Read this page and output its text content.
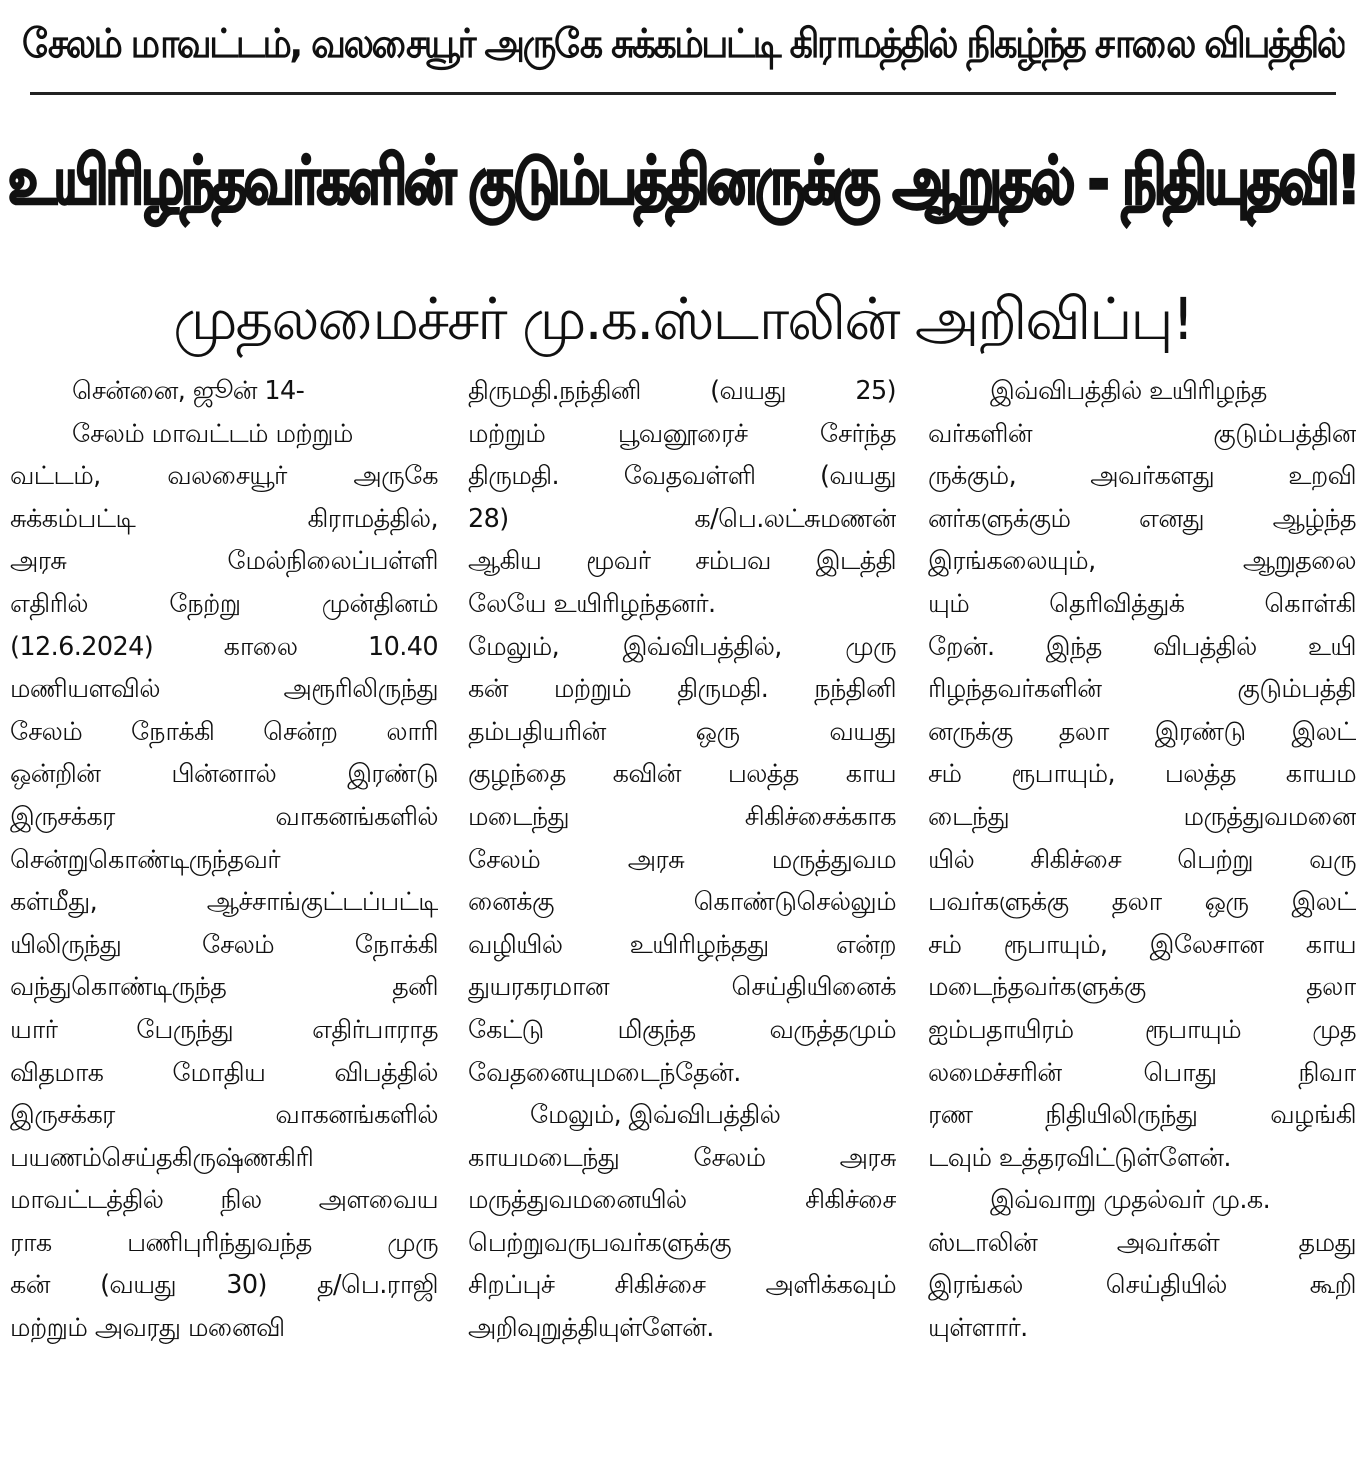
சேலம் மாவட்டம், வலசையூர் அருகே சுக்கம்பட்டி கிராமத்தில் நிகழ்ந்த சாலை விபத்தில்
உயிரிழந்தவர்களின் குடும்பத்தினருக்கு ஆறுதல் - நிதியுதவி!
முதலமைச்சர் மு.க.ஸ்டாலின் அறிவிப்பு!
சென்னை, ஜூன் 14-
சேலம் மாவட்டம் மற்றும்
வட்டம், வலசையூர் அருகே
சுக்கம்பட்டி கிராமத்தில்,
அரசு மேல்நிலைப்பள்ளி
எதிரில் நேற்று முன்தினம்
(12.6.2024) காலை 10.40
மணியளவில் அரூரிலிருந்து
சேலம் நோக்கி சென்ற லாரி
ஒன்றின் பின்னால் இரண்டு
இருசக்கர வாகனங்களில்
சென்றுகொண்டிருந்தவர்
கள்மீது, ஆச்சாங்குட்டப்பட்டி
யிலிருந்து சேலம் நோக்கி
வந்துகொண்டிருந்த தனி
யார் பேருந்து எதிர்பாராத
விதமாக மோதிய விபத்தில்
இருசக்கர வாகனங்களில்
பயணம்செய்தகிருஷ்ணகிரி
மாவட்டத்தில் நில அளவைய
ராக பணிபுரிந்துவந்த முரு
கன் (வயது 30) த/பெ.ராஜி
மற்றும் அவரது மனைவி
திருமதி.நந்தினி (வயது 25)
மற்றும் பூவனூரைச் சேர்ந்த
திருமதி. வேதவள்ளி (வயது
28) க/பெ.லட்சுமணன்
ஆகிய மூவர் சம்பவ இடத்தி
லேயே உயிரிழந்தனர்.
மேலும், இவ்விபத்தில், முரு
கன் மற்றும் திருமதி. நந்தினி
தம்பதியரின் ஒரு வயது
குழந்தை கவின் பலத்த காய
மடைந்து சிகிச்சைக்காக
சேலம் அரசு மருத்துவம
னைக்கு கொண்டுசெல்லும்
வழியில் உயிரிழந்தது என்ற
துயரகரமான செய்தியினைக்
கேட்டு மிகுந்த வருத்தமும்
வேதனையுமடைந்தேன்.
மேலும், இவ்விபத்தில்
காயமடைந்து சேலம் அரசு
மருத்துவமனையில் சிகிச்சை
பெற்றுவருபவர்களுக்கு
சிறப்புச் சிகிச்சை அளிக்கவும்
அறிவுறுத்தியுள்ளேன்.
இவ்விபத்தில் உயிரிழந்த
வர்களின் குடும்பத்தின
ருக்கும், அவர்களது உறவி
னர்களுக்கும் எனது ஆழ்ந்த
இரங்கலையும், ஆறுதலை
யும் தெரிவித்துக் கொள்கி
றேன். இந்த விபத்தில் உயி
ரிழந்தவர்களின் குடும்பத்தி
னருக்கு தலா இரண்டு இலட்
சம் ரூபாயும், பலத்த காயம
டைந்து மருத்துவமனை
யில் சிகிச்சை பெற்று வரு
பவர்களுக்கு தலா ஒரு இலட்
சம் ரூபாயும், இலேசான காய
மடைந்தவர்களுக்கு தலா
ஐம்பதாயிரம் ரூபாயும் முத
லமைச்சரின் பொது நிவா
ரண நிதியிலிருந்து வழங்கி
டவும் உத்தரவிட்டுள்ளேன்.
இவ்வாறு முதல்வர் மு.க.
ஸ்டாலின் அவர்கள் தமது
இரங்கல் செய்தியில் கூறி
யுள்ளார்.
